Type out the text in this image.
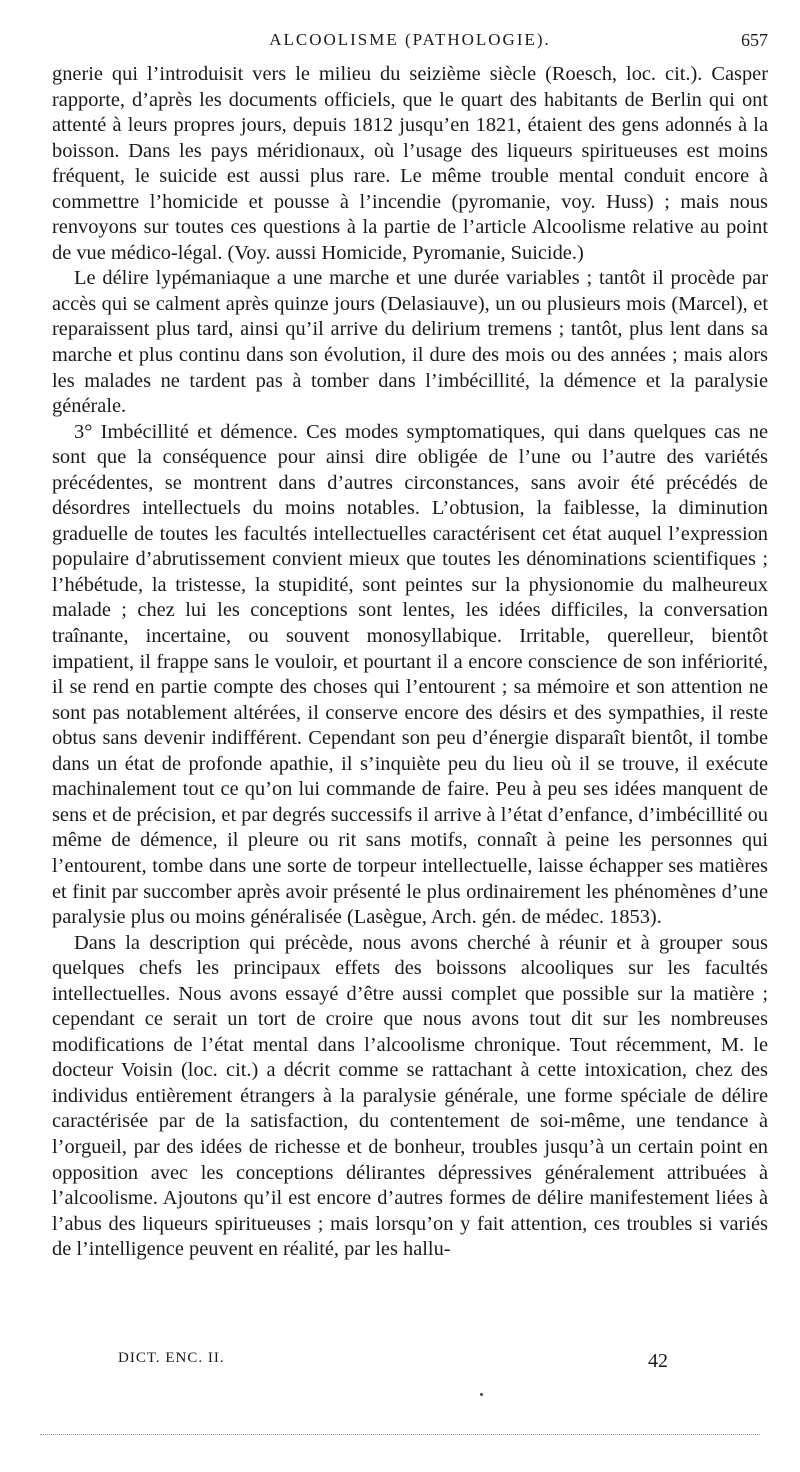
ALCOOLISME (PATHOLOGIE).	657

gnerie qui l’introduisit vers le milieu du seizième siècle (Roesch, loc. cit.). Casper rapporte, d’après les documents officiels, que le quart des habitants de Berlin qui ont attenté à leurs propres jours, depuis 1812 jusqu’en 1821, étaient des gens adonnés à la boisson. Dans les pays méridionaux, où l’usage des liqueurs spiritueuses est moins fréquent, le suicide est aussi plus rare. Le même trouble mental conduit encore à commettre l’homicide et pousse à l’incendie (pyromanie, voy. Huss) ; mais nous renvoyons sur toutes ces questions à la partie de l’article Alcoolisme relative au point de vue médico-légal. (Voy. aussi Homicide, Pyromanie, Suicide.)

Le délire lypémaniaque a une marche et une durée variables ; tantôt il procède par accès qui se calment après quinze jours (Delasiauve), un ou plusieurs mois (Marcel), et reparaissent plus tard, ainsi qu’il arrive du delirium tremens ; tantôt, plus lent dans sa marche et plus continu dans son évolution, il dure des mois ou des années ; mais alors les malades ne tardent pas à tomber dans l’imbécillité, la démence et la paralysie générale.

3° Imbécillité et démence. Ces modes symptomatiques, qui dans quelques cas ne sont que la conséquence pour ainsi dire obligée de l’une ou l’autre des variétés précédentes, se montrent dans d’autres circonstances, sans avoir été précédés de désordres intellectuels du moins notables. L’obtusion, la faiblesse, la diminution graduelle de toutes les facultés intellectuelles caractérisent cet état auquel l’expression populaire d’abrutissement convient mieux que toutes les dénominations scientifiques ; l’hébétude, la tristesse, la stupidité, sont peintes sur la physionomie du malheureux malade ; chez lui les conceptions sont lentes, les idées difficiles, la conversation traînante, incertaine, ou souvent monosyllabique. Irritable, querelleur, bientôt impatient, il frappe sans le vouloir, et pourtant il a encore conscience de son infériorité, il se rend en partie compte des choses qui l’entourent ; sa mémoire et son attention ne sont pas notablement altérées, il conserve encore des désirs et des sympathies, il reste obtus sans devenir indifférent. Cependant son peu d’énergie disparaît bientôt, il tombe dans un état de profonde apathie, il s’inquiète peu du lieu où il se trouve, il exécute machinalement tout ce qu’on lui commande de faire. Peu à peu ses idées manquent de sens et de précision, et par degrés successifs il arrive à l’état d’enfance, d’imbécillité ou même de démence, il pleure ou rit sans motifs, connaît à peine les personnes qui l’entourent, tombe dans une sorte de torpeur intellectuelle, laisse échapper ses matières et finit par succomber après avoir présenté le plus ordinairement les phénomènes d’une paralysie plus ou moins généralisée (Lasègue, Arch. gén. de médec. 1853).

Dans la description qui précède, nous avons cherché à réunir et à grouper sous quelques chefs les principaux effets des boissons alcooliques sur les facultés intellectuelles. Nous avons essayé d’être aussi complet que possible sur la matière ; cependant ce serait un tort de croire que nous avons tout dit sur les nombreuses modifications de l’état mental dans l’alcoolisme chronique. Tout récemment, M. le docteur Voisin (loc. cit.) a décrit comme se rattachant à cette intoxication, chez des individus entièrement étrangers à la paralysie générale, une forme spéciale de délire caractérisée par de la satisfaction, du contentement de soi-même, une tendance à l’orgueil, par des idées de richesse et de bonheur, troubles jusqu’à un certain point en opposition avec les conceptions délirantes dépressives généralement attribuées à l’alcoolisme. Ajoutons qu’il est encore d’autres formes de délire manifestement liées à l’abus des liqueurs spiritueuses ; mais lorsqu’on y fait attention, ces troubles si variés de l’intelligence peuvent en réalité, par les hallu-

DICT. ENC. II.	42
